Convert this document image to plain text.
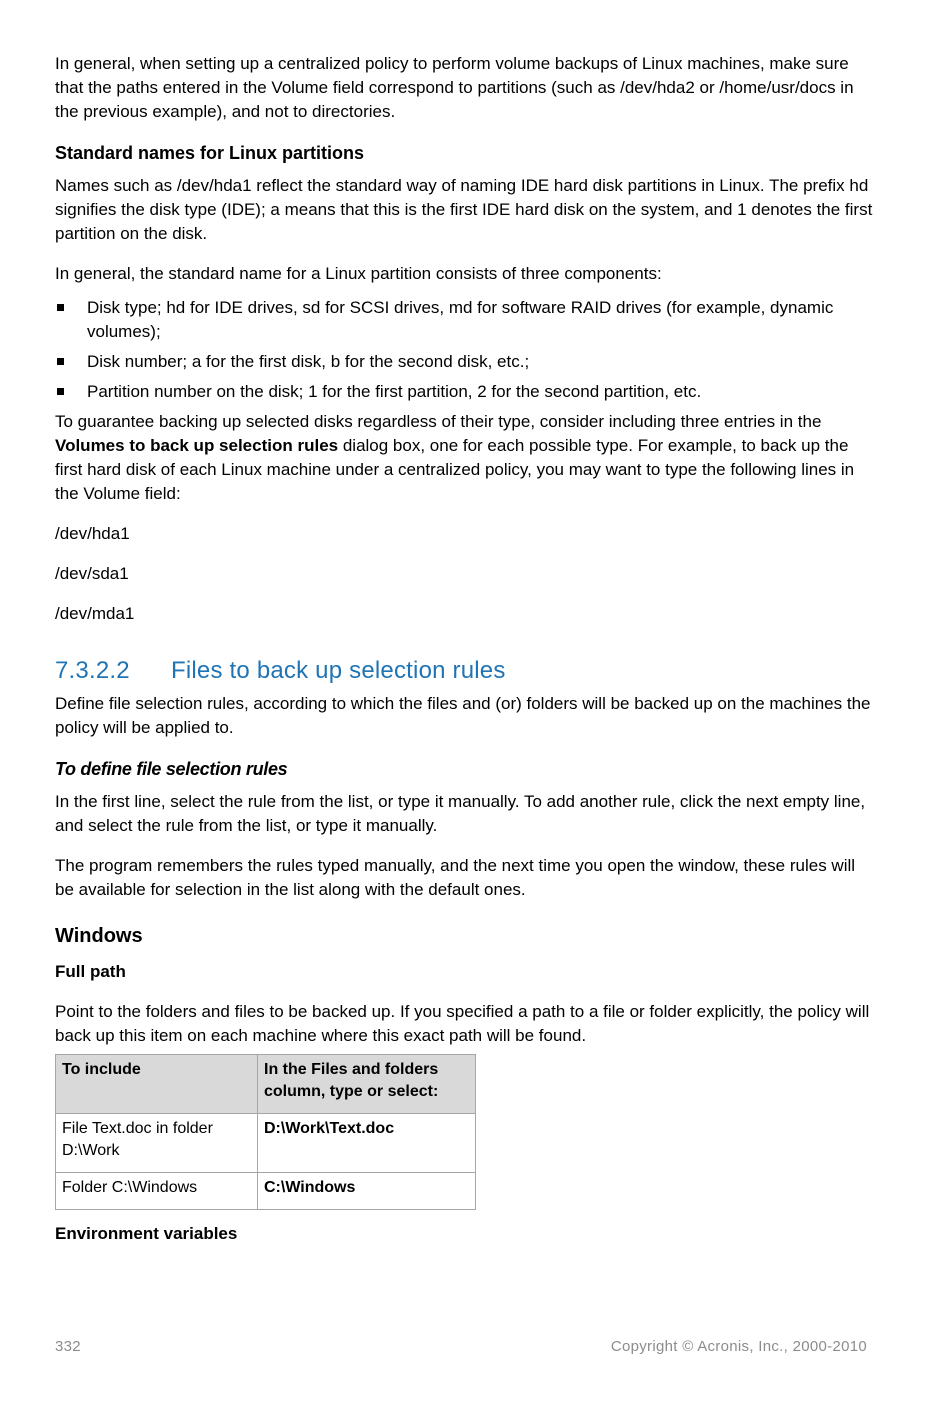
In general, when setting up a centralized policy to perform volume backups of Linux machines, make sure that the paths entered in the Volume field correspond to partitions (such as /dev/hda2 or /home/usr/docs in the previous example), and not to directories.

Standard names for Linux partitions

Names such as /dev/hda1 reflect the standard way of naming IDE hard disk partitions in Linux. The prefix hd signifies the disk type (IDE); a means that this is the first IDE hard disk on the system, and 1 denotes the first partition on the disk.

In general, the standard name for a Linux partition consists of three components:

Disk type; hd for IDE drives, sd for SCSI drives, md for software RAID drives (for example, dynamic volumes);
Disk number; a for the first disk, b for the second disk, etc.;
Partition number on the disk; 1 for the first partition, 2 for the second partition, etc.

To guarantee backing up selected disks regardless of their type, consider including three entries in the Volumes to back up selection rules dialog box, one for each possible type. For example, to back up the first hard disk of each Linux machine under a centralized policy, you may want to type the following lines in the Volume field:

/dev/hda1

/dev/sda1

/dev/mda1

7.3.2.2 Files to back up selection rules

Define file selection rules, according to which the files and (or) folders will be backed up on the machines the policy will be applied to.

To define file selection rules

In the first line, select the rule from the list, or type it manually. To add another rule, click the next empty line, and select the rule from the list, or type it manually.

The program remembers the rules typed manually, and the next time you open the window, these rules will be available for selection in the list along with the default ones.

Windows
Full path

Point to the folders and files to be backed up. If you specified a path to a file or folder explicitly, the policy will back up this item on each machine where this exact path will be found.

To include	In the Files and folders column, type or select:
File Text.doc in folder D:\Work	D:\Work\Text.doc
Folder C:\Windows	C:\Windows
Environment variables
332	Copyright © Acronis, Inc., 2000-2010
